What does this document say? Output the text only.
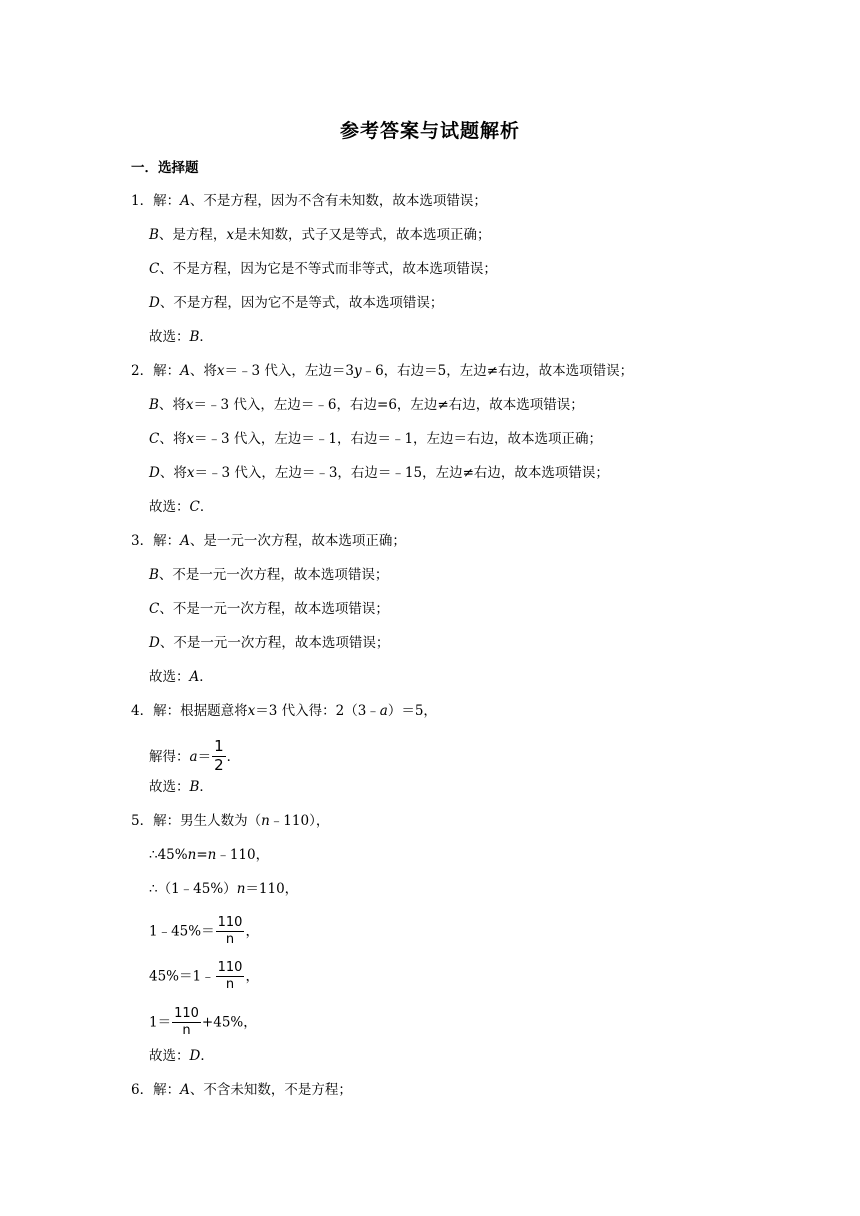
参考答案与试题解析
一．选择题
1．解：A、不是方程，因为不含有未知数，故本选项错误；
B、是方程，x是未知数，式子又是等式，故本选项正确；
C、不是方程，因为它是不等式而非等式，故本选项错误；
D、不是方程，因为它不是等式，故本选项错误；
故选：B．
2．解：A、将x＝﹣3 代入，左边＝3y﹣6，右边＝5，左边≠右边，故本选项错误；
B、将x＝﹣3 代入，左边＝﹣6，右边=6，左边≠右边，故本选项错误；
C、将x＝﹣3 代入，左边＝﹣1，右边＝﹣1，左边＝右边，故本选项正确；
D、将x＝﹣3 代入，左边＝﹣3，右边＝﹣15，左边≠右边，故本选项错误；
故选：C．
3．解：A、是一元一次方程，故本选项正确；
B、不是一元一次方程，故本选项错误；
C、不是一元一次方程，故本选项错误；
D、不是一元一次方程，故本选项错误；
故选：A．
4．解：根据题意将x＝3 代入得：2（3﹣a）＝5，
解得：$a= \frac{1}{2}$ ．
故选：B．
5．解：男生人数为（n﹣110），
∴45%n=n﹣110，
∴（1﹣45%）n＝110，
1﹣45%＝ $\frac{110}{n}$ ，
45%＝1﹣ $\frac{110}{n}$ ，
$1= \frac{110}{n} +45\%$，
故选：D．
6．解：A、不含未知数，不是方程；
